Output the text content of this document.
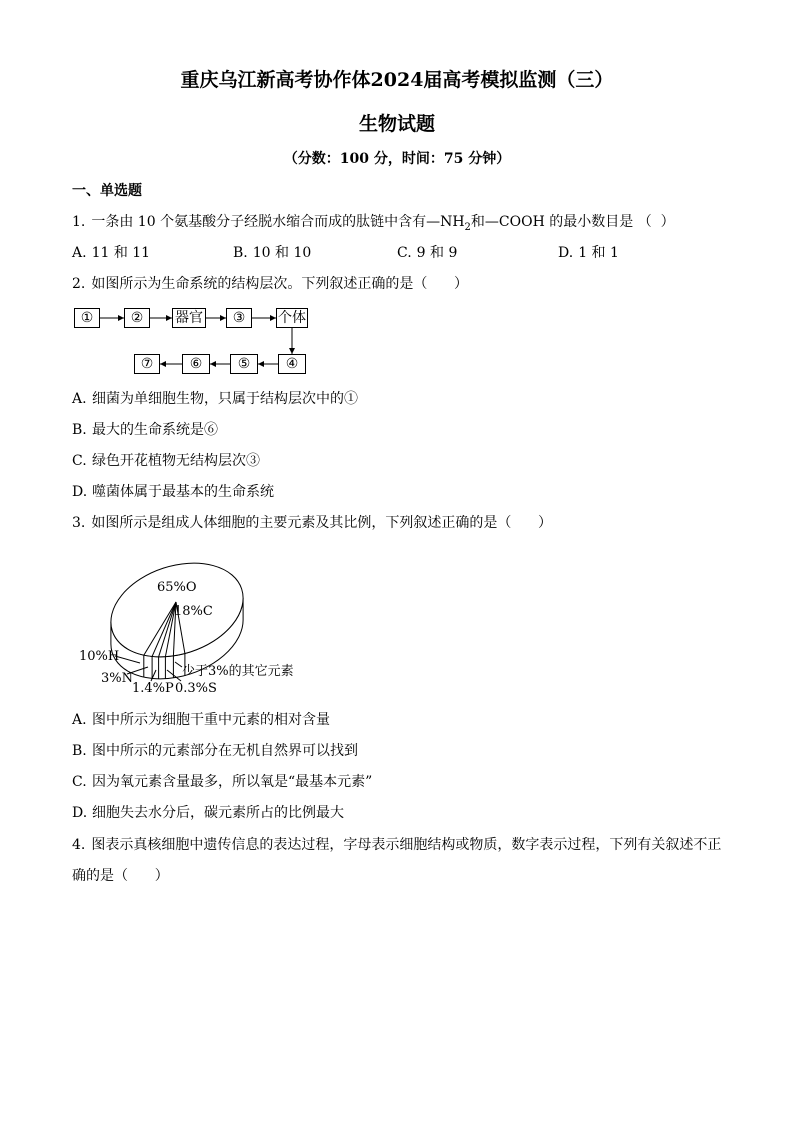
重庆乌江新高考协作体2024届高考模拟监测（三）
生物试题
（分数：100 分，时间：75 分钟）
一、单选题
1. 一条由 10 个氨基酸分子经脱水缩合而成的肽链中含有$—NH_2$和—COOH 的最小数目是 （  ）
A. 11 和 11	B. 10 和 10	C. 9 和 9	D. 1 和 1
2. 如图所示为生命系统的结构层次。下列叙述正确的是（      ）
①	②	器官	③	个体
④
⑤
⑥
⑦
A. 细菌为单细胞生物，只属于结构层次中的①
B. 最大的生命系统是⑥
C. 绿色开花植物无结构层次③
D. 噬菌体属于最基本的生命系统
3. 如图所示是组成人体细胞的主要元素及其比例，下列叙述正确的是（      ）
65%O
18%C
10%H
3%N
1.4%P 0.3%S
少于3%的其它元素
A. 图中所示为细胞干重中元素的相对含量
B. 图中所示的元素部分在无机自然界可以找到
C. 因为氧元素含量最多，所以氧是“最基本元素”
D. 细胞失去水分后，碳元素所占的比例最大
4. 图表示真核细胞中遗传信息的表达过程，字母表示细胞结构或物质，数字表示过程，下列有关叙述不正确的是（      ）
